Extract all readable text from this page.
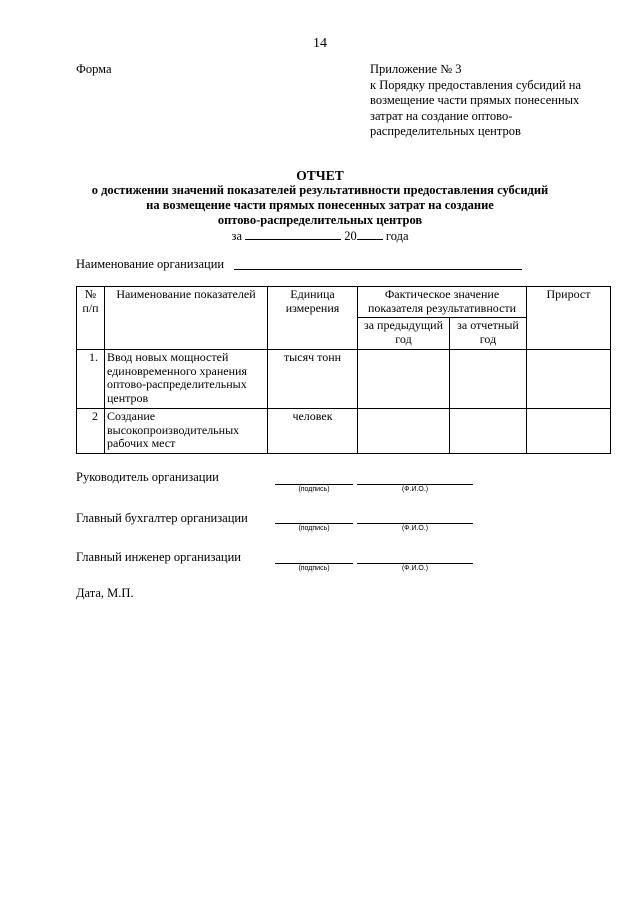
14
Форма	Приложение № 3
к Порядку предоставления субсидий на
возмещение части прямых понесенных
затрат на создание оптово-
распределительных центров
ОТЧЕТ
о достижении значений показателей результативности предоставления субсидий
на возмещение части прямых понесенных затрат на создание
оптово-распределительных центров
за	20 года
Наименование организации
№ п/п	Наименование показателей	Единица измерения	Фактическое значение показателя результативности		Прирост
			за предыдущий год	за отчетный год	
1.	Ввод новых мощностей единовременного хранения оптово-распределительных центров	тысяч тонн			
2	Создание высокопроизводительных рабочих мест	человек			
Руководитель организации
(подпись)	(Ф.И.О.)
Главный бухгалтер организации
(подпись)	(Ф.И.О.)
Главный инженер организации
(подпись)	(Ф.И.О.)
Дата, М.П.
